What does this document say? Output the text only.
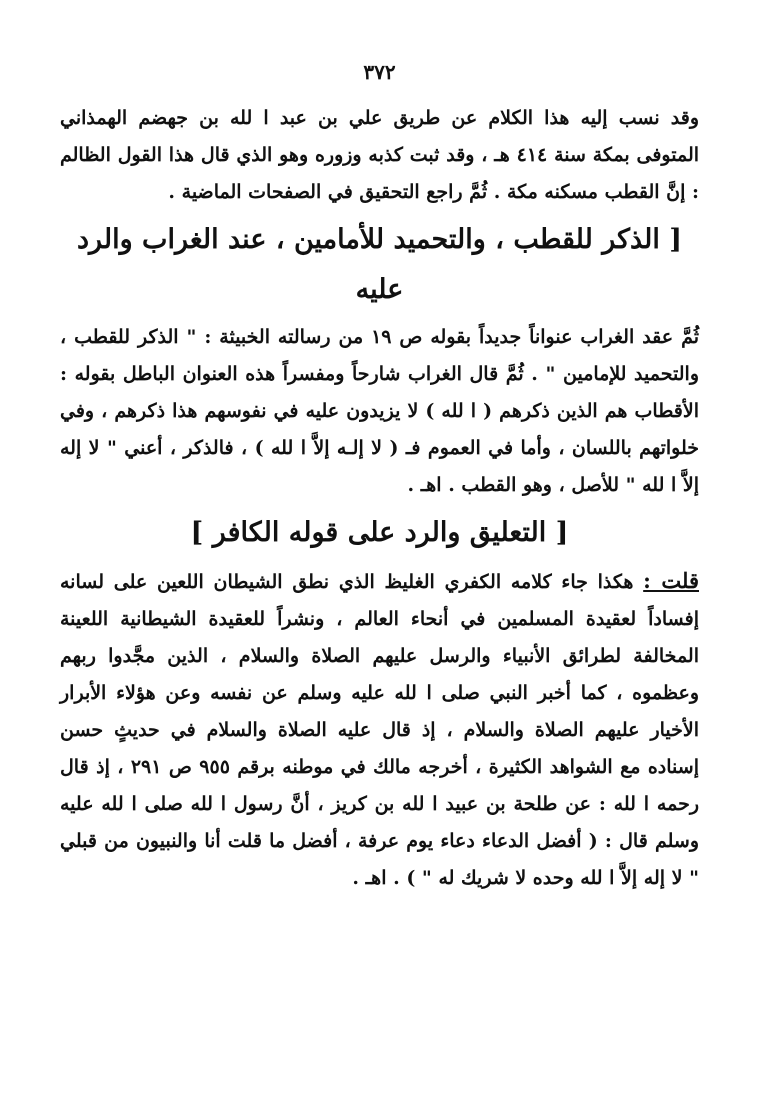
٣٧٢

وقد نسب إليه هذا الكلام عن طريق علي بن عبد ا لله بن جهضم الهمذاني المتوفى بمكة سنة ٤١٤ هـ ، وقد ثبت كذبه وزوره وهو الذي قال هذا القول الظالم : إنَّ القطب مسكنه مكة . ثُمَّ راجع التحقيق في الصفحات الماضية .

[ الذكر للقطب ، والتحميد للأمامين ، عند الغراب والرد عليه

ثُمَّ عقد الغراب عنواناً جديداً بقوله ص ١٩ من رسالته الخبيثة : " الذكر للقطب ، والتحميد للإمامين " . ثُمَّ قال الغراب شارحاً ومفسراً هذه العنوان الباطل بقوله : الأقطاب هم الذين ذكرهم ( ا لله ) لا يزيدون عليه في نفوسهم هذا ذكرهم ، وفي خلواتهم باللسان ، وأما في العموم فـ ( لا إلـه إلاَّ ا لله ) ، فالذكر ، أعني " لا إله إلاَّ ا لله " للأصل ، وهو القطب . اهـ .

[ التعليق والرد على قوله الكافر ]

قلت : هكذا جاء كلامه الكفري الغليظ الذي نطق الشيطان اللعين على لسانه إفساداً لعقيدة المسلمين في أنحاء العالم ، ونشراً للعقيدة الشيطانية اللعينة المخالفة لطرائق الأنبياء والرسل عليهم الصلاة والسلام ، الذين مجَّدوا ربهم وعظموه ، كما أخبر النبي صلى ا لله عليه وسلم عن نفسه وعن هؤلاء الأبرار الأخيار عليهم الصلاة والسلام ، إذ قال عليه الصلاة والسلام في حديثٍ حسن إسناده مع الشواهد الكثيرة ، أخرجه مالك في موطنه برقم ٩٥٥ ص ٢٩١ ، إذ قال رحمه ا لله : عن طلحة بن عبيد ا لله بن كريز ، أنَّ رسول ا لله صلى ا لله عليه وسلم قال : ( أفضل الدعاء دعاء يوم عرفة ، أفضل ما قلت أنا والنبيون من قبلي " لا إله إلاَّ ا لله وحده لا شريك له " ) . اهـ .
